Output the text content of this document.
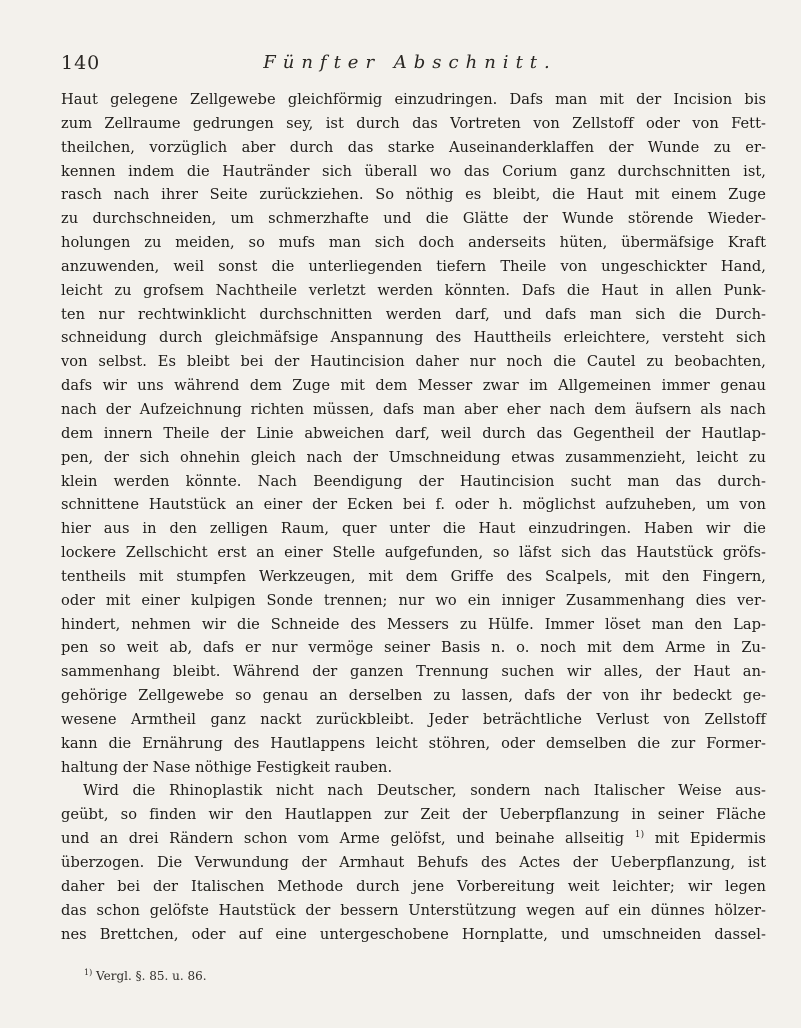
140	Fünfter Abschnitt.
Haut gelegene Zellgewebe gleichförmig einzudringen. Dafs man mit der Incision bis
zum Zellraume gedrungen sey, ist durch das Vortreten von Zellstoff oder von Fett-
theilchen, vorzüglich aber durch das starke Auseinanderklaffen der Wunde zu er-
kennen indem die Hautränder sich überall wo das Corium ganz durchschnitten ist,
rasch nach ihrer Seite zurückziehen. So nöthig es bleibt, die Haut mit einem Zuge
zu durchschneiden, um schmerzhafte und die Glätte der Wunde störende Wieder-
holungen zu meiden, so mufs man sich doch anderseits hüten, übermäfsige Kraft
anzuwenden, weil sonst die unterliegenden tiefern Theile von ungeschickter Hand,
leicht zu grofsem Nachtheile verletzt werden könnten. Dafs die Haut in allen Punk-
ten nur rechtwinklicht durchschnitten werden darf, und dafs man sich die Durch-
schneidung durch gleichmäfsige Anspannung des Hauttheils erleichtere, versteht sich
von selbst. Es bleibt bei der Hautincision daher nur noch die Cautel zu beobachten,
dafs wir uns während dem Zuge mit dem Messer zwar im Allgemeinen immer genau
nach der Aufzeichnung richten müssen, dafs man aber eher nach dem äufsern als nach
dem innern Theile der Linie abweichen darf, weil durch das Gegentheil der Hautlap-
pen, der sich ohnehin gleich nach der Umschneidung etwas zusammenzieht, leicht zu
klein werden könnte. Nach Beendigung der Hautincision sucht man das durch-
schnittene Hautstück an einer der Ecken bei f. oder h. möglichst aufzuheben, um von
hier aus in den zelligen Raum, quer unter die Haut einzudringen. Haben wir die
lockere Zellschicht erst an einer Stelle aufgefunden, so läfst sich das Hautstück gröfs-
tentheils mit stumpfen Werkzeugen, mit dem Griffe des Scalpels, mit den Fingern,
oder mit einer kulpigen Sonde trennen; nur wo ein inniger Zusammenhang dies ver-
hindert, nehmen wir die Schneide des Messers zu Hülfe. Immer löset man den Lap-
pen so weit ab, dafs er nur vermöge seiner Basis n. o. noch mit dem Arme in Zu-
sammenhang bleibt. Während der ganzen Trennung suchen wir alles, der Haut an-
gehörige Zellgewebe so genau an derselben zu lassen, dafs der von ihr bedeckt ge-
wesene Armtheil ganz nackt zurückbleibt. Jeder beträchtliche Verlust von Zellstoff
kann die Ernährung des Hautlappens leicht stöhren, oder demselben die zur Former-
haltung der Nase nöthige Festigkeit rauben.
Wird die Rhinoplastik nicht nach Deutscher, sondern nach Italischer Weise aus-
geübt, so finden wir den Hautlappen zur Zeit der Ueberpflanzung in seiner Fläche
und an drei Rändern schon vom Arme gelöfst, und beinahe allseitig $^{1)}$ mit Epidermis
überzogen. Die Verwundung der Armhaut Behufs des Actes der Ueberpflanzung, ist
daher bei der Italischen Methode durch jene Vorbereitung weit leichter; wir legen
das schon gelöfste Hautstück der bessern Unterstützung wegen auf ein dünnes hölzer-
nes Brettchen, oder auf eine untergeschobene Hornplatte, und umschneiden dassel-
$^{1)}$ Vergl. §. 85. u. 86.
